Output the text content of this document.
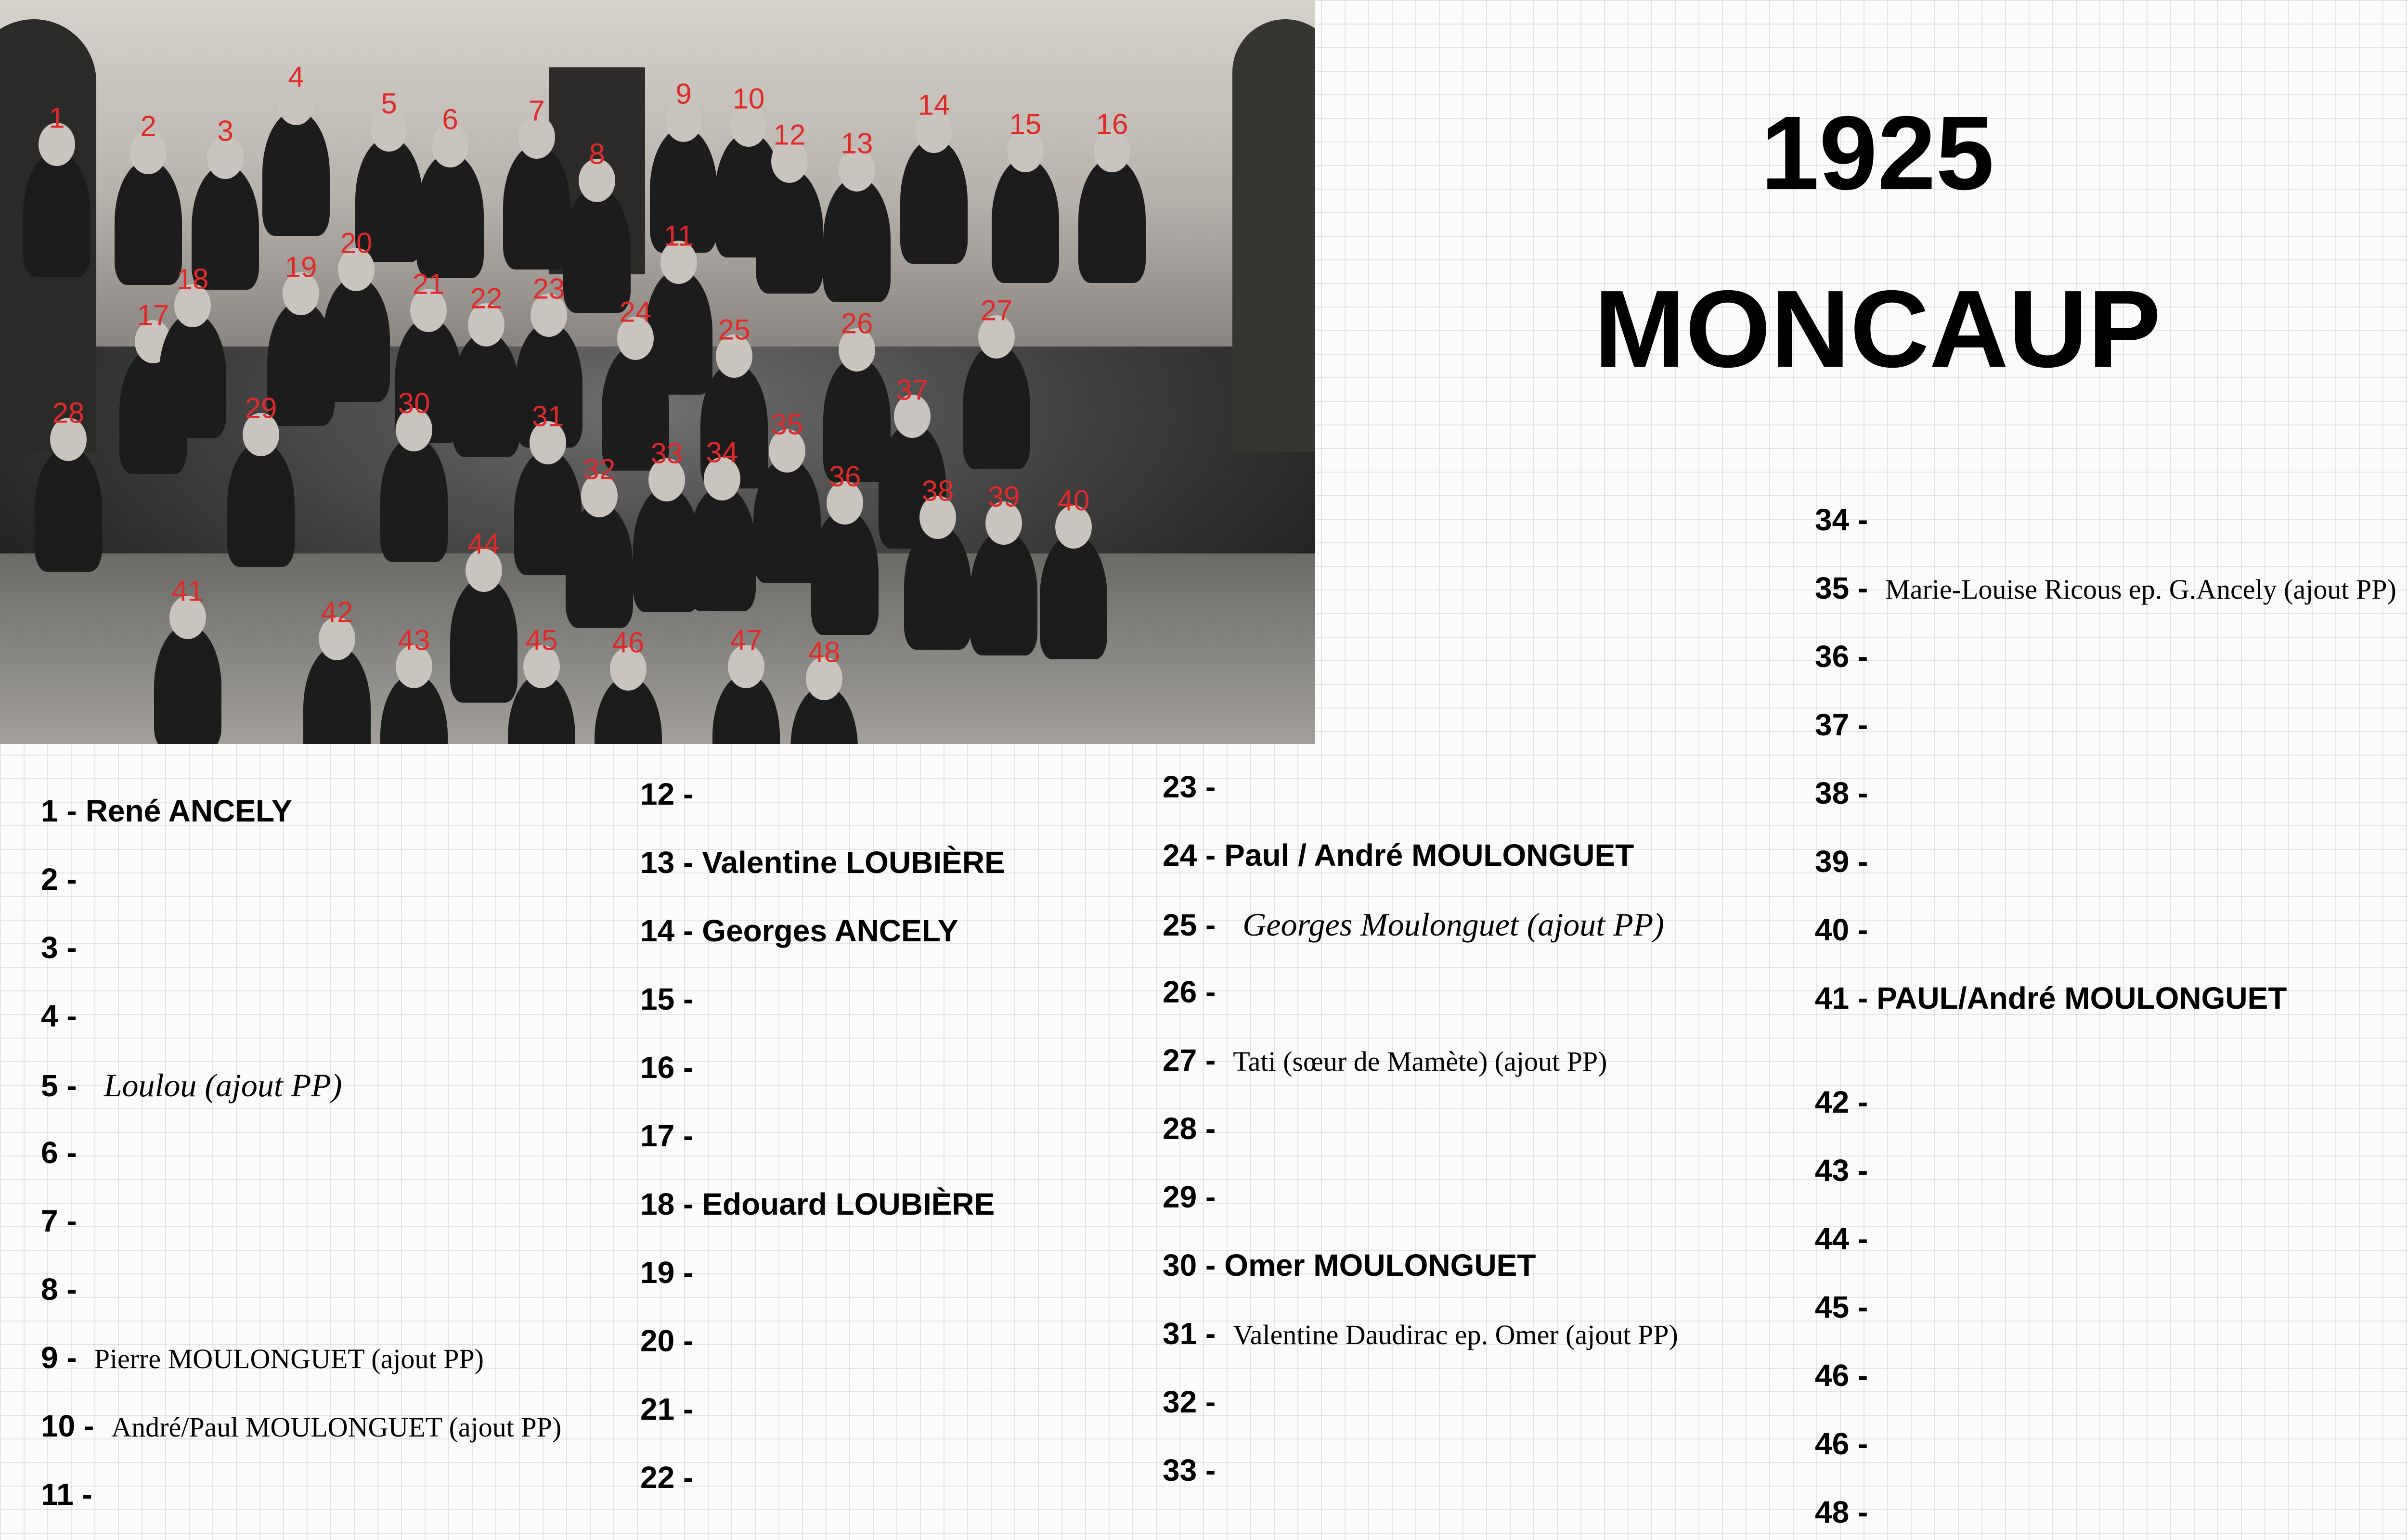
1	2 3
4
5 6 7
8
9 10
11
12 13
14
15 16
17
18	19
20
21 22 23
24
25	26	27
28	29	30	31
32 33 34
35
36
37
38 39 40
41
42
43
44
45 46	47 48
1925
MONCAUP
1 - René ANCELY
2 -
3 -
4 -
5 - Loulou (ajout PP)
6 -
7 -
8 -
9 - Pierre MOULONGUET (ajout PP)
10 - André/Paul MOULONGUET (ajout PP)
11 -
12 -
13 - Valentine LOUBIÈRE
14 - Georges ANCELY
15 -
16 -
17 -
18 - Edouard LOUBIÈRE
19 -
20 -
21 -
22 -
23 -
24 - Paul / André MOULONGUET
25 - Georges Moulonguet (ajout PP)
26 -
27 - Tati (sœur de Mamète) (ajout PP)
28 -
29 -
30 - Omer MOULONGUET
31 - Valentine Daudirac ep. Omer (ajout PP)
32 -
33 -
34 -
35 - Marie-Louise Ricous ep. G.Ancely (ajout PP)
36 -
37 -
38 -
39 -
40 -
41 - PAUL/André MOULONGUET
42 -
43 -
44 -
45 -
46 -
46 -
48 -
